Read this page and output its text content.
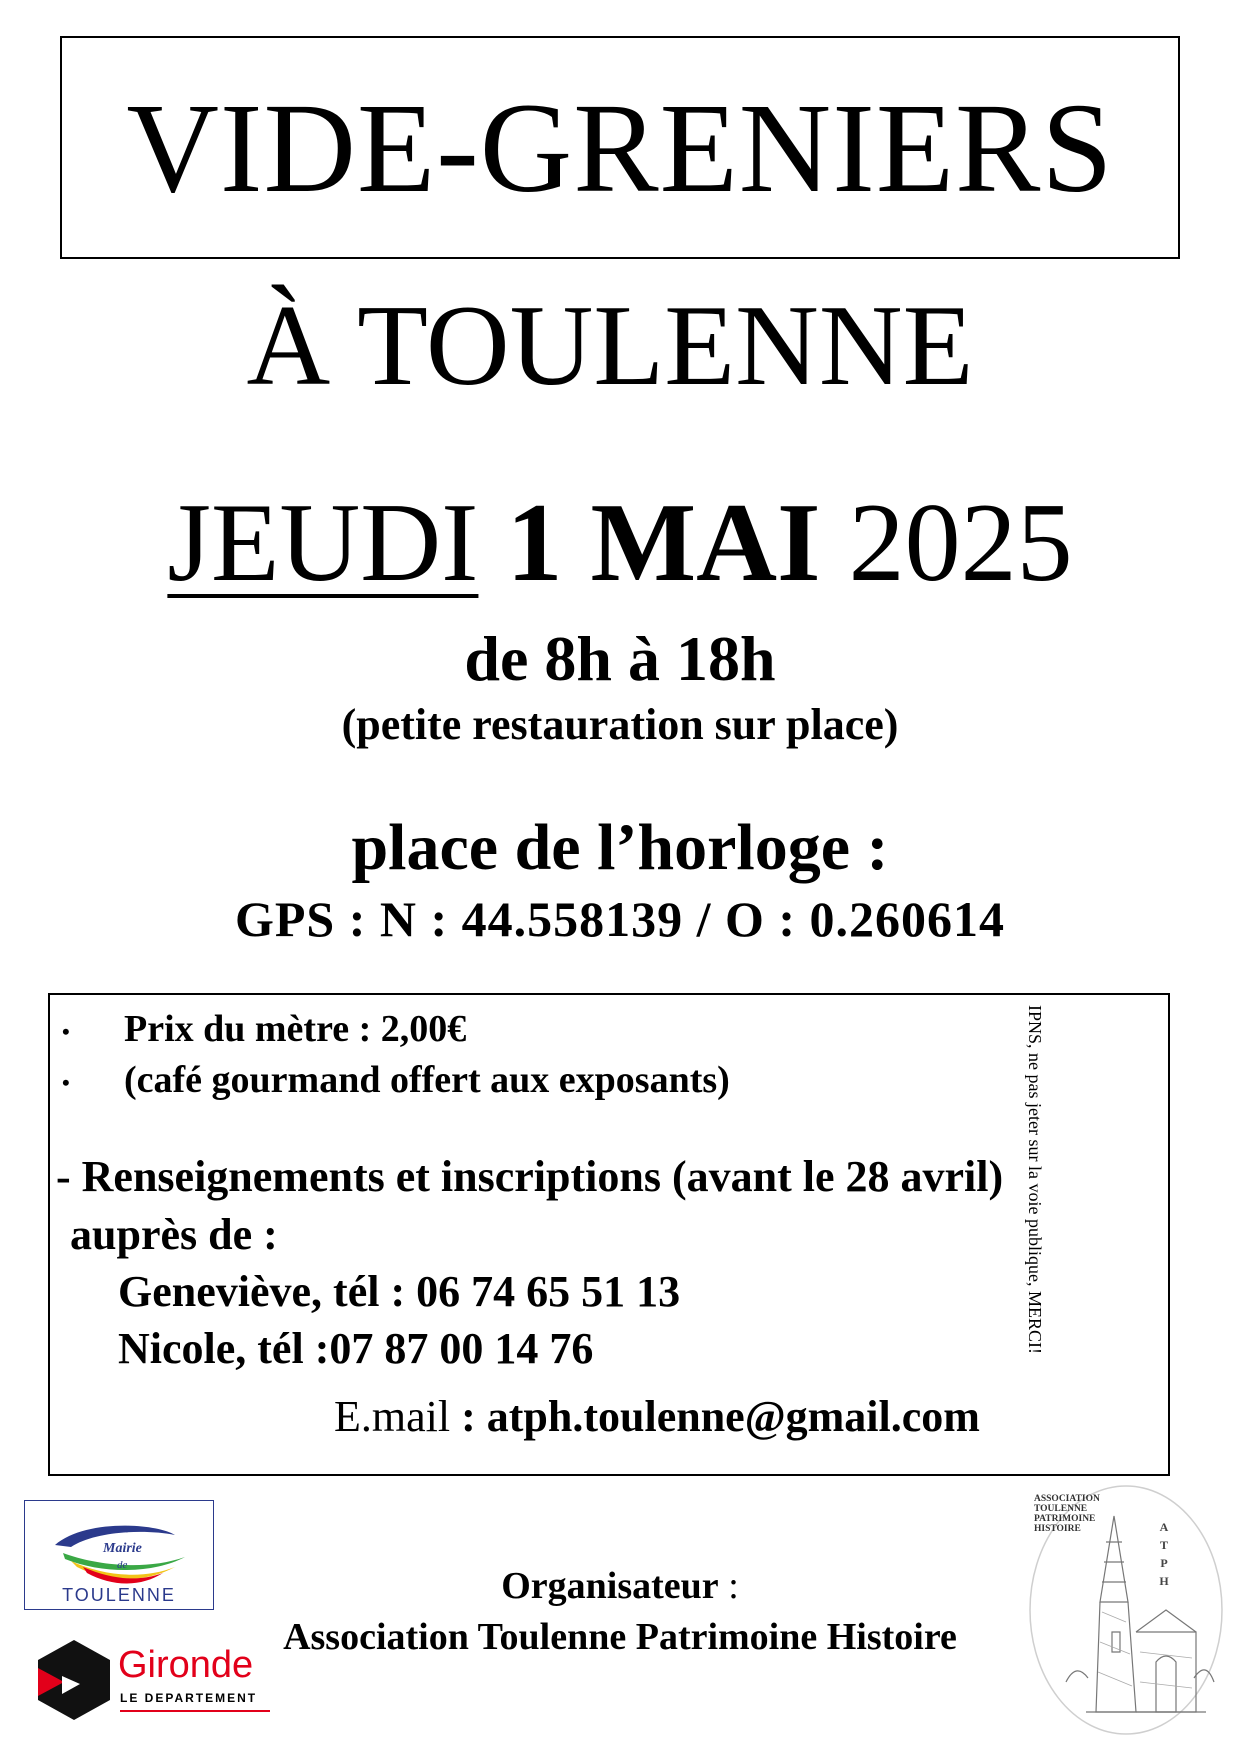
VIDE-GRENIERS
À TOULENNE
JEUDI 1 MAI 2025
de 8h à 18h
(petite restauration sur place)
place de l’horloge :
GPS : N : 44.558139 / O : 0.260614
• Prix du mètre : 2,00€
• (café gourmand offert aux exposants)
- Renseignements et inscriptions (avant le 28 avril)
auprès de :
Geneviève, tél : 06 74 65 51 13
Nicole, tél :07 87 00 14 76
E.mail : atph.toulenne@gmail.com
IPNS, ne pas jeter sur la voie publique, MERCI!
Mairie
de
TOULENNE
Gironde
LE DEPARTEMENT
Organisateur :
Association Toulenne Patrimoine Histoire
ASSOCIATION
TOULENNE
PATRIMOINE
HISTOIRE	A
T
P
H
